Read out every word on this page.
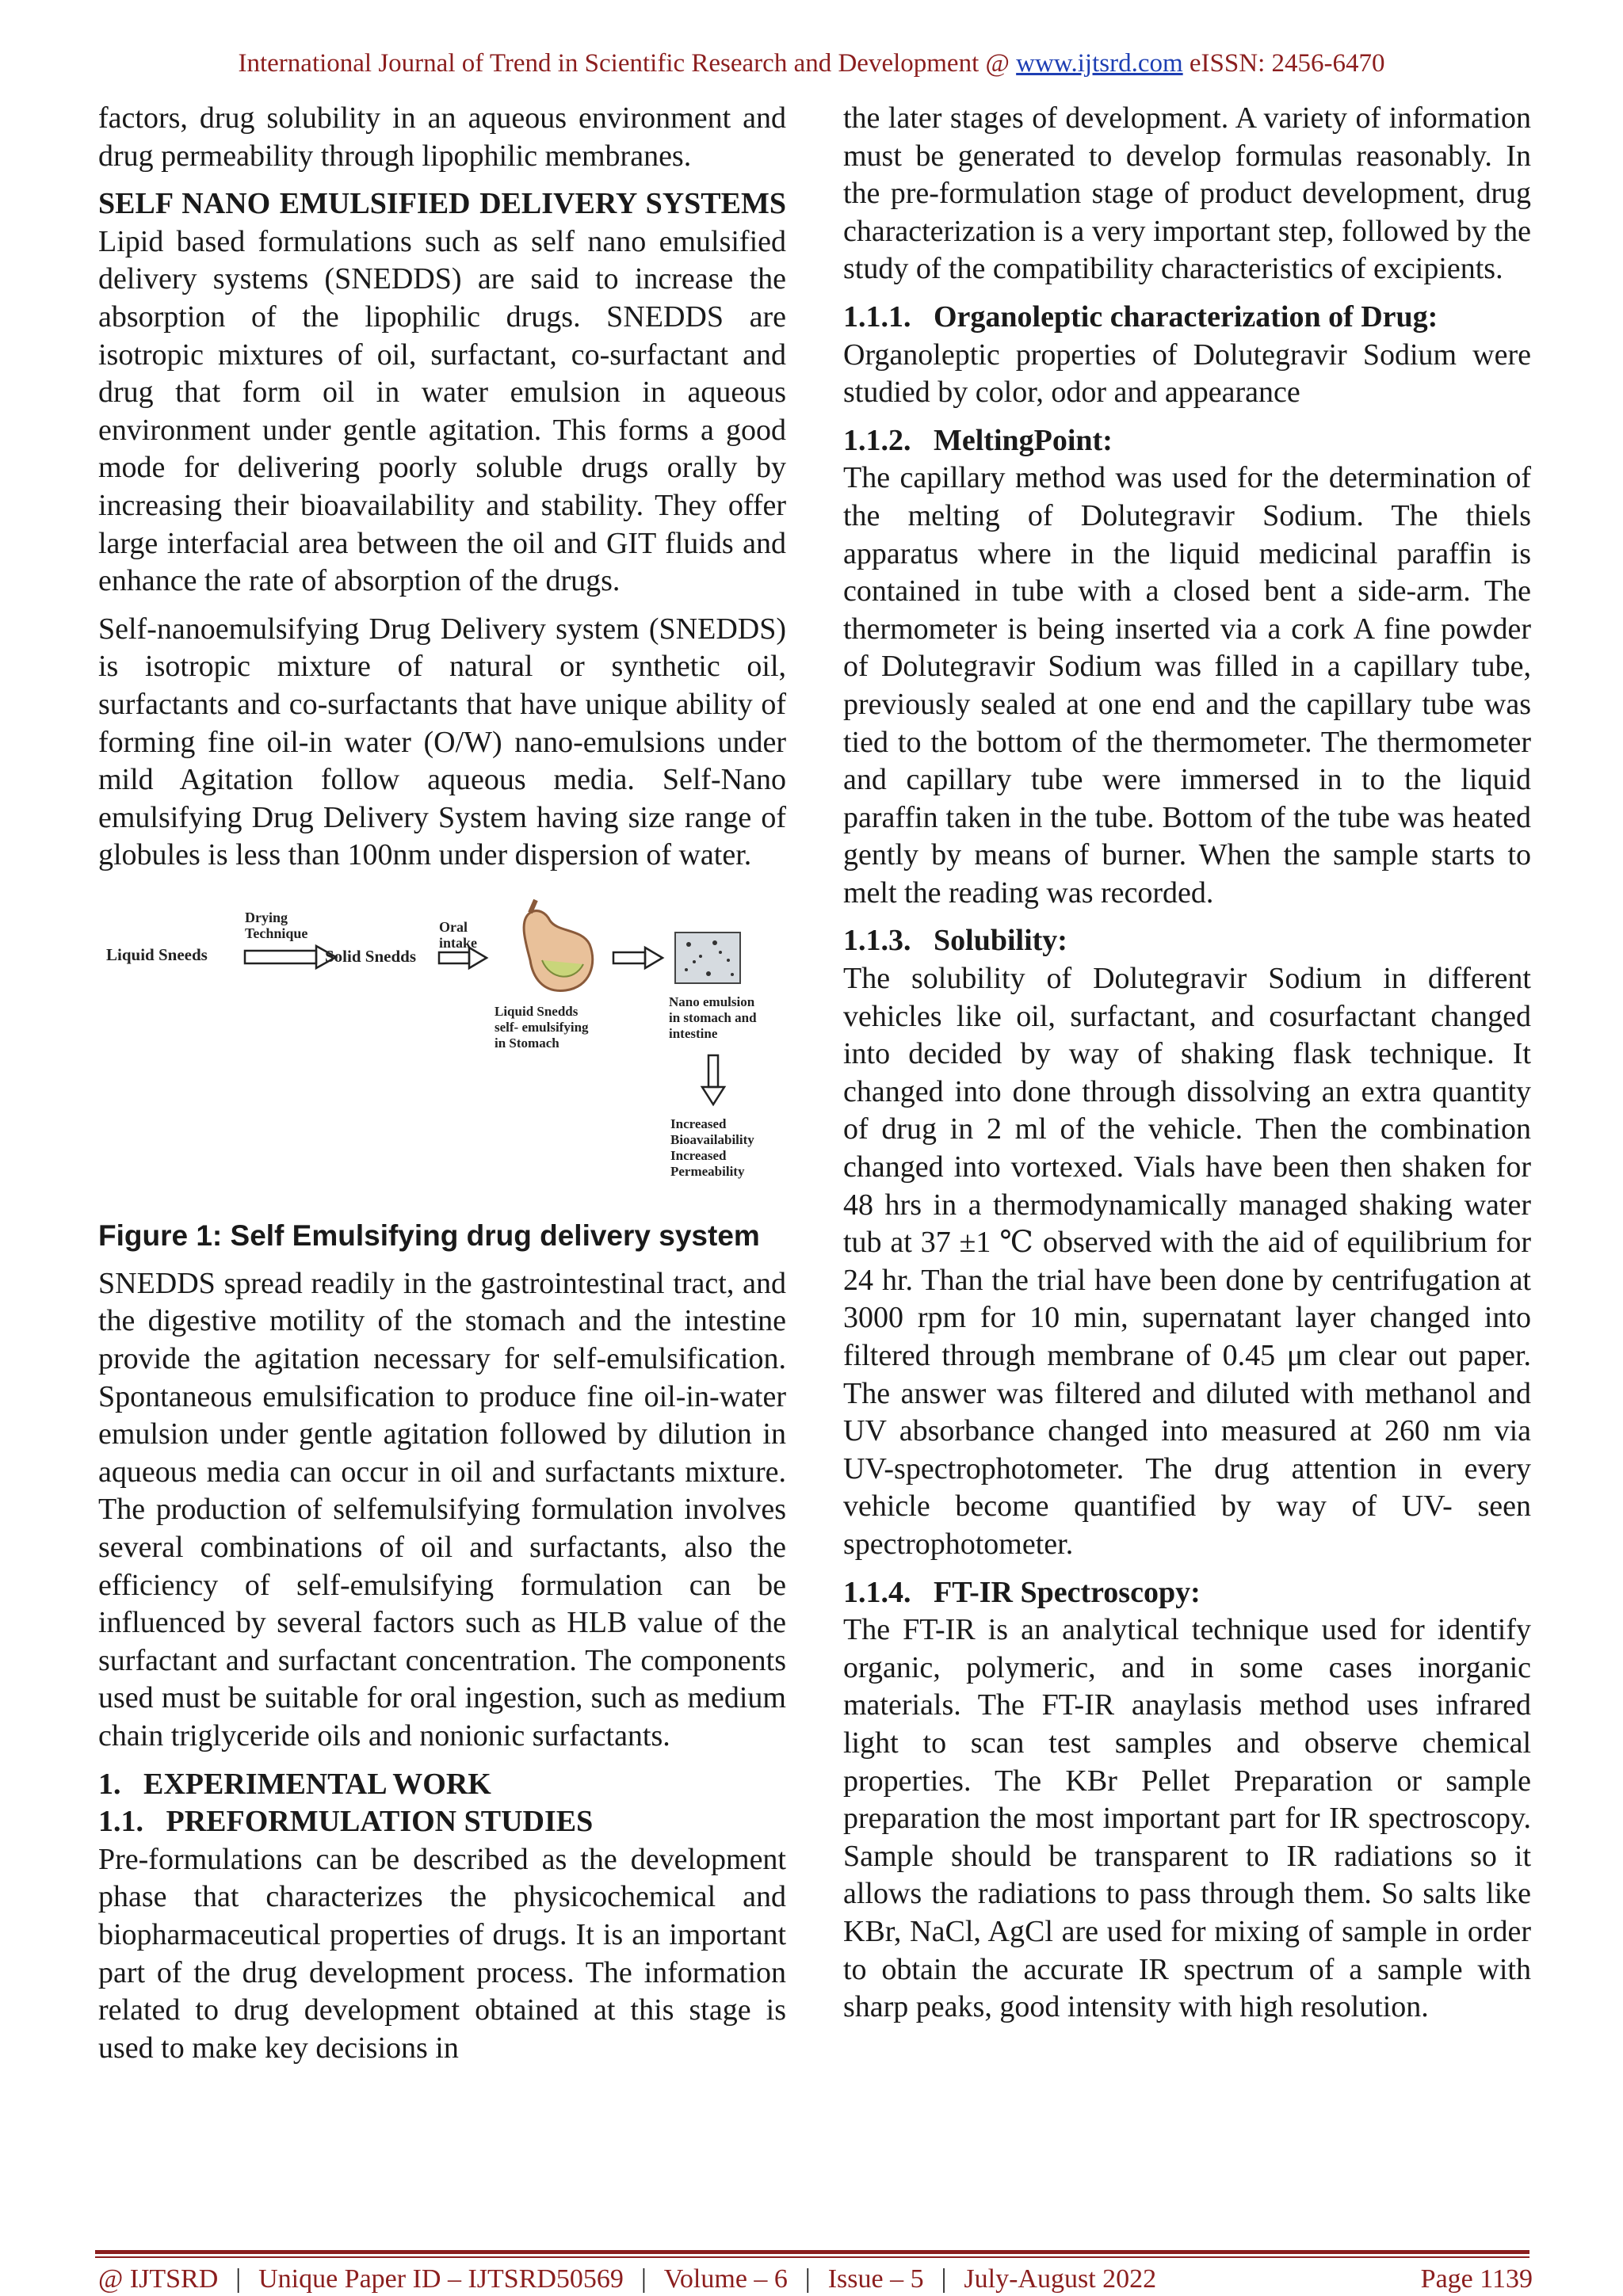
International Journal of Trend in Scientific Research and Development @ www.ijtsrd.com eISSN: 2456-6470

factors, drug solubility in an aqueous environment and drug permeability through lipophilic membranes.

SELF NANO EMULSIFIED DELIVERY SYSTEMS

Lipid based formulations such as self nano emulsified delivery systems (SNEDDS) are said to increase the absorption of the lipophilic drugs. SNEDDS are isotropic mixtures of oil, surfactant, co-surfactant and drug that form oil in water emulsion in aqueous environment under gentle agitation. This forms a good mode for delivering poorly soluble drugs orally by increasing their bioavailability and stability. They offer large interfacial area between the oil and GIT fluids and enhance the rate of absorption of the drugs.

Self-nanoemulsifying Drug Delivery system (SNEDDS) is isotropic mixture of natural or synthetic oil, surfactants and co-surfactants that have unique ability of forming fine oil-in water (O/W) nano-emulsions under mild Agitation follow aqueous media. Self-Nano emulsifying Drug Delivery System having size range of globules is less than 100nm under dispersion of water.

Liquid Sneeds
Drying
Technique
Solid Snedds
Oral
intake
Liquid Snedds
self- emulsifying
in Stomach
Nano emulsion
in stomach and
intestine
Increased
Bioavailability
Increased
Permeability

Figure 1: Self Emulsifying drug delivery system

SNEDDS spread readily in the gastrointestinal tract, and the digestive motility of the stomach and the intestine provide the agitation necessary for self-emulsification. Spontaneous emulsification to produce fine oil-in-water emulsion under gentle agitation followed by dilution in aqueous media can occur in oil and surfactants mixture. The production of selfemulsifying formulation involves several combinations of oil and surfactants, also the efficiency of self-emulsifying formulation can be influenced by several factors such as HLB value of the surfactant and surfactant concentration. The components used must be suitable for oral ingestion, such as medium chain triglyceride oils and nonionic surfactants.

1.   EXPERIMENTAL WORK
1.1.   PREFORMULATION STUDIES

Pre-formulations can be described as the development phase that characterizes the physicochemical and biopharmaceutical properties of drugs. It is an important part of the drug development process. The information related to drug development obtained at this stage is used to make key decisions in

the later stages of development. A variety of information must be generated to develop formulas reasonably. In the pre-formulation stage of product development, drug characterization is a very important step, followed by the study of the compatibility characteristics of excipients.

1.1.1.   Organoleptic characterization of Drug:

Organoleptic properties of Dolutegravir Sodium were studied by color, odor and appearance

1.1.2.   MeltingPoint:

The capillary method was used for the determination of the melting of Dolutegravir Sodium. The thiels apparatus where in the liquid medicinal paraffin is contained in tube with a closed bent a side-arm. The thermometer is being inserted via a cork A fine powder of Dolutegravir Sodium was filled in a capillary tube, previously sealed at one end and the capillary tube was tied to the bottom of the thermometer. The thermometer and capillary tube were immersed in to the liquid paraffin taken in the tube. Bottom of the tube was heated gently by means of burner. When the sample starts to melt the reading was recorded.

1.1.3.   Solubility:

The solubility of Dolutegravir Sodium in different vehicles like oil, surfactant, and cosurfactant changed into decided by way of shaking flask technique. It changed into done through dissolving an extra quantity of drug in 2 ml of the vehicle. Then the combination changed into vortexed. Vials have been then shaken for 48 hrs in a thermodynamically managed shaking water tub at 37 ±1 ℃ observed with the aid of equilibrium for 24 hr. Than the trial have been done by centrifugation at 3000 rpm for 10 min, supernatant layer changed into filtered through membrane of 0.45 μm clear out paper. The answer was filtered and diluted with methanol and UV absorbance changed into measured at 260 nm via UV-spectrophotometer. The drug attention in every vehicle become quantified by way of UV- seen spectrophotometer.

1.1.4.   FT-IR Spectroscopy:

The FT-IR is an analytical technique used for identify organic, polymeric, and in some cases inorganic materials. The FT-IR anaylasis method uses infrared light to scan test samples and observe chemical properties. The KBr Pellet Preparation or sample preparation the most important part for IR spectroscopy. Sample should be transparent to IR radiations so it allows the radiations to pass through them. So salts like KBr, NaCl, AgCl are used for mixing of sample in order to obtain the accurate IR spectrum of a sample with sharp peaks, good intensity with high resolution.

@ IJTSRD | Unique Paper ID – IJTSRD50569 | Volume – 6 | Issue – 5 | July-August 2022	Page 1139
